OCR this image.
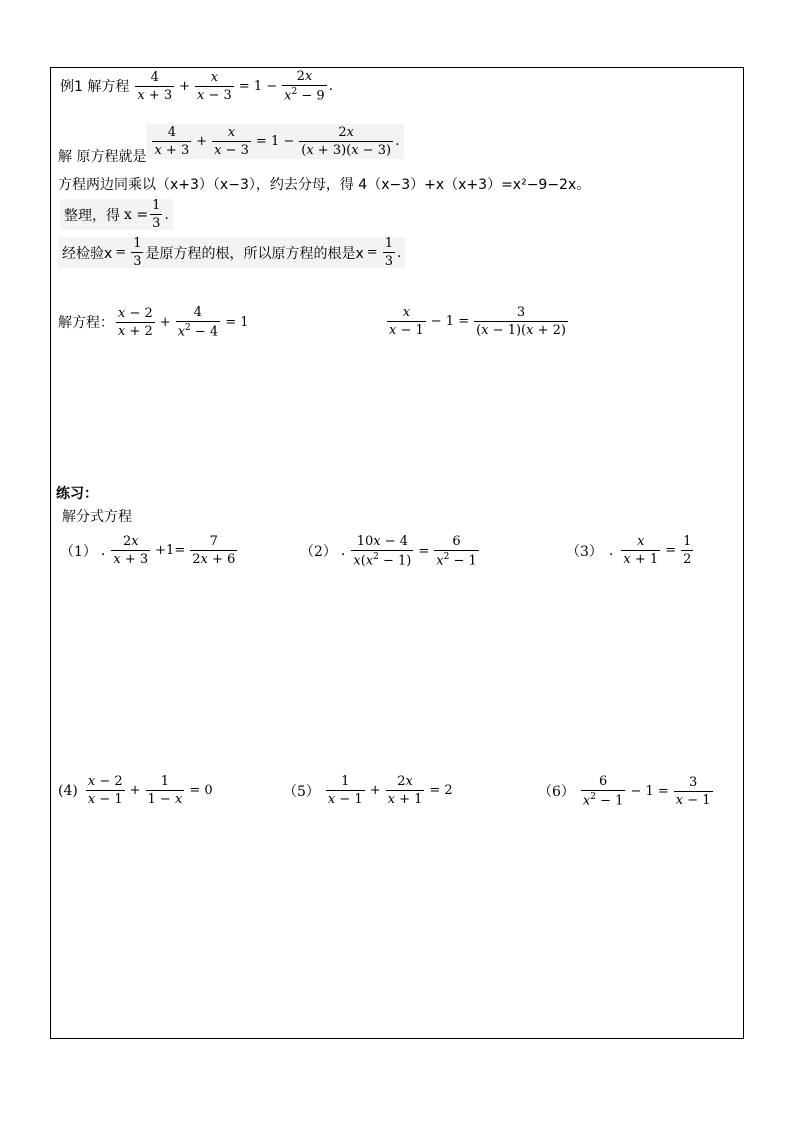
例1 解方程 $\frac{4}{x + 3} + \frac{x}{x - 3} = 1 - \frac{2x}{x^2 - 9}$ .
解 原方程就是
$\frac{4}{x + 3} + \frac{x}{x - 3} = 1 - \frac{2x}{(x + 3)(x - 3)}$ .
方程两边同乘以（x+3）（x−3），约去分母，得 4（x−3）+x（x+3）=x²−9−2x。
整理，得 $x = \frac{1}{3}$ .
经检验$x = \frac{1}{3}$ 是原方程的根，所以原方程的根是$x = \frac{1}{3}$ .
解方程： $\frac{x - 2}{x + 2} + \frac{4}{x^2 - 4} = 1$	$\frac{x}{x - 1} - 1 = \frac{3}{(x - 1)(x + 2)}$
练习：
解分式方程
（1） . $\frac{2x}{x + 3} +1= \frac{7}{2x + 6}$	（2） . $\frac{10x - 4}{x(x^2 - 1)} = \frac{6}{x^2 - 1}$	（3） . $\frac{x}{x + 1} = \frac{1}{2}$
$(4) \frac{x - 2}{x - 1} + \frac{1}{1 - x} = 0$	$(5) \frac{1}{x - 1} + \frac{2x}{x + 1} = 2$	$(6) \frac{6}{x^2 - 1} - 1 = \frac{3}{x - 1}$
